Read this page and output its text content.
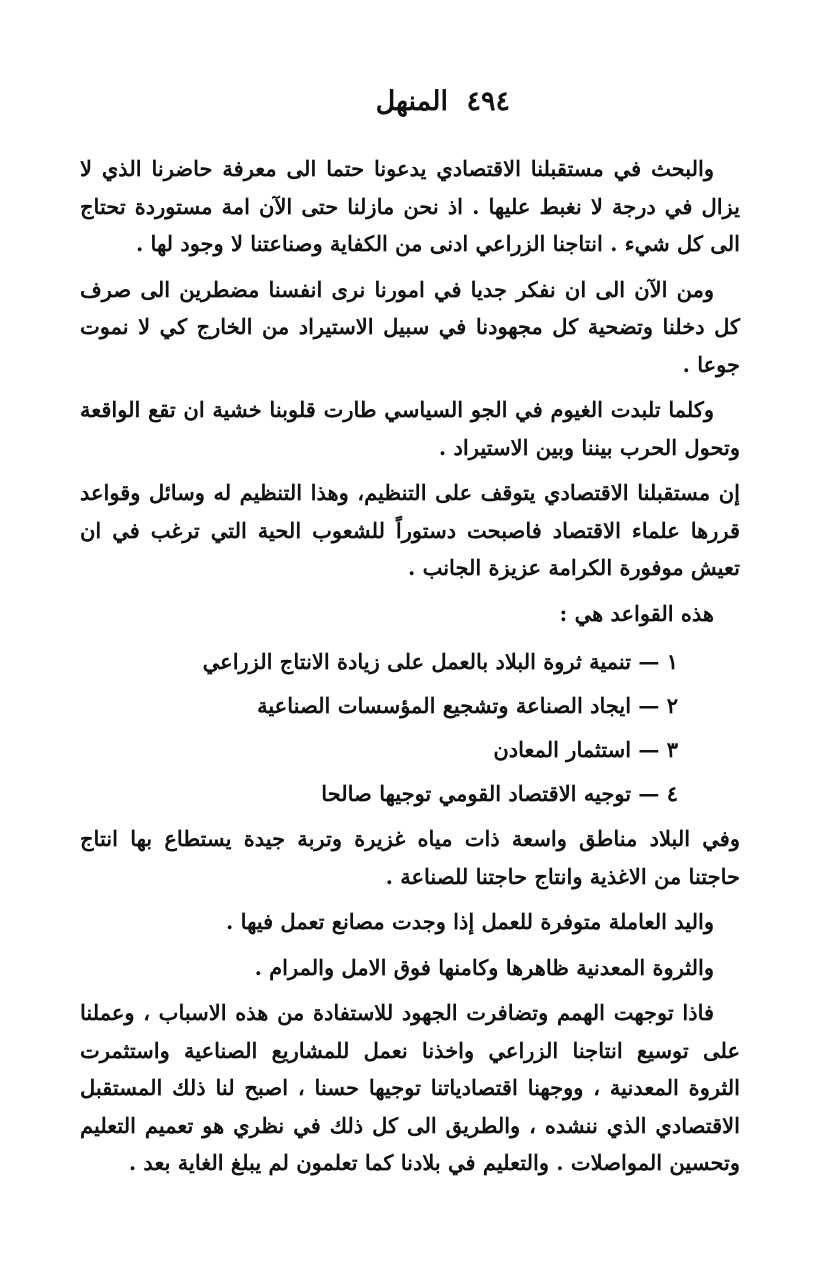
٤٩٤
المنهل

والبحث في مستقبلنا الاقتصادي يدعونا حتما الى معرفة حاضرنا الذي لا يزال في درجة لا نغبط عليها . اذ نحن مازلنا حتى الآن امة مستوردة تحتاج الى كل شيء . انتاجنا الزراعي ادنى من الكفاية وصناعتنا لا وجود لها .

ومن الآن الى ان نفكر جديا في امورنا نرى انفسنا مضطرين الى صرف كل دخلنا وتضحية كل مجهودنا في سبيل الاستيراد من الخارج كي لا نموت جوعا .

وكلما تلبدت الغيوم في الجو السياسي طارت قلوبنا خشية ان تقع الواقعة وتحول الحرب بيننا وبين الاستيراد .

إن مستقبلنا الاقتصادي يتوقف على التنظيم، وهذا التنظيم له وسائل وقواعد قررها علماء الاقتصاد فاصبحت دستوراً للشعوب الحية التي ترغب في ان تعيش موفورة الكرامة عزيزة الجانب .

هذه القواعد هي :

١ — تنمية ثروة البلاد بالعمل على زيادة الانتاج الزراعي
٢ — ايجاد الصناعة وتشجيع المؤسسات الصناعية
٣ — استثمار المعادن
٤ — توجيه الاقتصاد القومي توجيها صالحا

وفي البلاد مناطق واسعة ذات مياه غزيرة وتربة جيدة يستطاع بها انتاج حاجتنا من الاغذية وانتاج حاجتنا للصناعة .

واليد العاملة متوفرة للعمل إذا وجدت مصانع تعمل فيها .

والثروة المعدنية ظاهرها وكامنها فوق الامل والمرام .

فاذا توجهت الهمم وتضافرت الجهود للاستفادة من هذه الاسباب ، وعملنا على توسيع انتاجنا الزراعي واخذنا نعمل للمشاريع الصناعية واستثمرت الثروة المعدنية ، ووجهنا اقتصادياتنا توجيها حسنا ، اصبح لنا ذلك المستقبل الاقتصادي الذي ننشده ، والطريق الى كل ذلك في نظري هو تعميم التعليم وتحسين المواصلات . والتعليم في بلادنا كما تعلمون لم يبلغ الغاية بعد .
